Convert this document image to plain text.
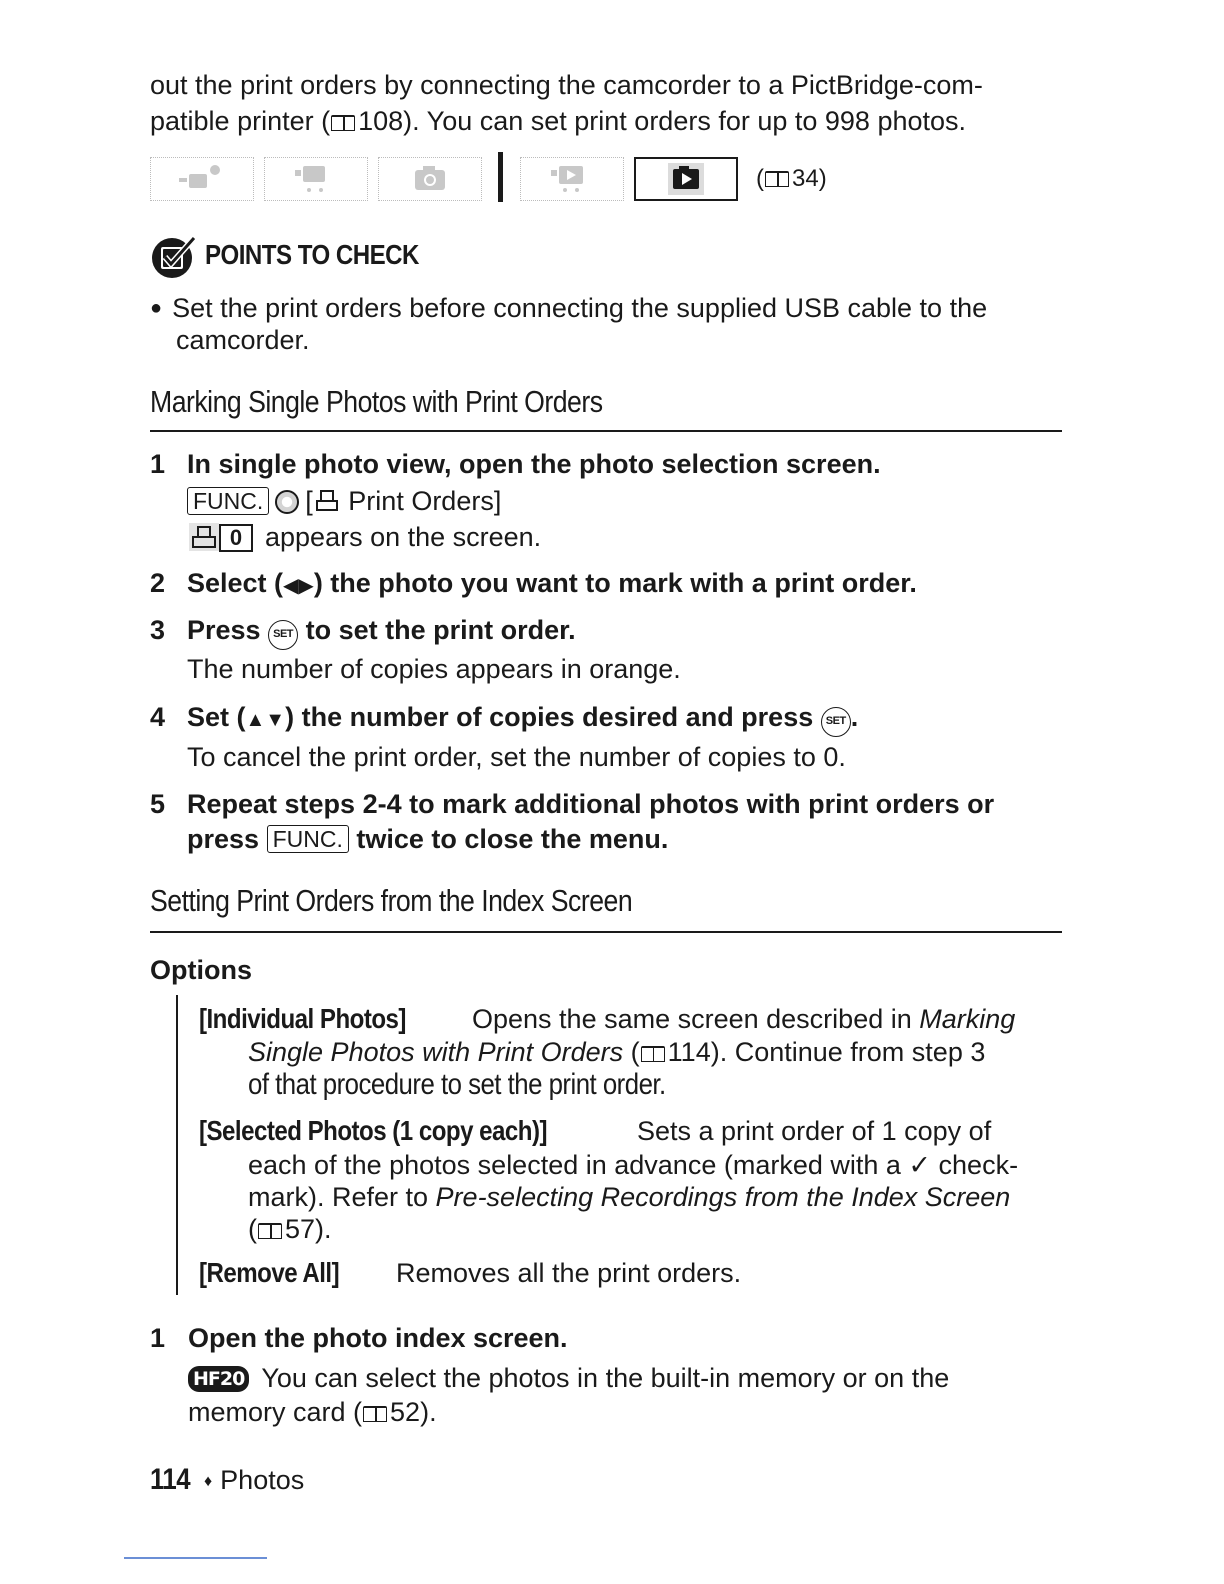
out the print orders by connecting the camcorder to a PictBridge-com-
patible printer ( 108). You can set print orders for up to 998 photos.
( 34)
POINTS TO CHECK
● Set the print orders before connecting the supplied USB cable to the
camcorder.
Marking Single Photos with Print Orders
1 In single photo view, open the photo selection screen.
FUNC. [ Print Orders]
0 appears on the screen.
2 Select (◀▶) the photo you want to mark with a print order.
3 Press SET to set the print order.
The number of copies appears in orange.
4 Set (▲▼) the number of copies desired and press SET .
To cancel the print order, set the number of copies to 0.
5 Repeat steps 2-4 to mark additional photos with print orders or
press FUNC. twice to close the menu.
Setting Print Orders from the Index Screen
Options
[Individual Photos] Opens the same screen described in Marking
Single Photos with Print Orders ( 114). Continue from step 3
of that procedure to set the print order.
[Selected Photos (1 copy each)]	Sets a print order of 1 copy of
each of the photos selected in advance (marked with a ✓ check-
mark). Refer to Pre-selecting Recordings from the Index Screen
( 57).
[Remove All] Removes all the print orders.
1 Open the photo index screen.
HF20 You can select the photos in the built-in memory or on the
memory card ( 52).
114 ♦ Photos
